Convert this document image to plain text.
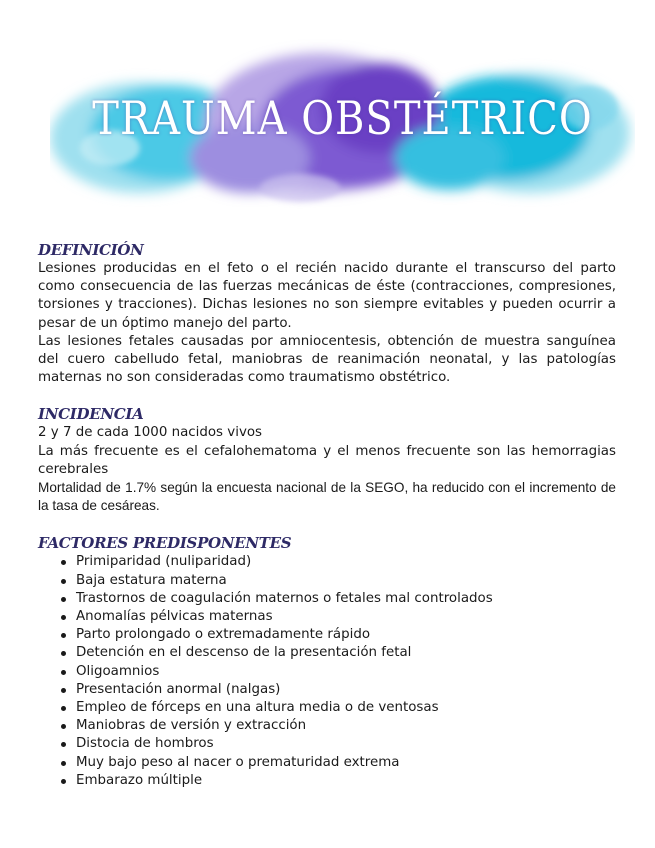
TRAUMA OBSTÉTRICO
DEFINICIÓN

Lesiones producidas en el feto o el recién nacido durante el transcurso del parto como consecuencia de las fuerzas mecánicas de éste (contracciones, compresiones, torsiones y tracciones). Dichas lesiones no son siempre evitables y pueden ocurrir a pesar de un óptimo manejo del parto.

Las lesiones fetales causadas por amniocentesis, obtención de muestra sanguínea del cuero cabelludo fetal, maniobras de reanimación neonatal, y las patologías maternas no son consideradas como traumatismo obstétrico.

INCIDENCIA

2 y 7 de cada 1000 nacidos vivos

La más frecuente es el cefalohematoma y el menos frecuente son las hemorragias cerebrales

Mortalidad de 1.7% según la encuesta nacional de la SEGO, ha reducido con el incremento de la tasa de cesáreas.

FACTORES PREDISPONENTES
Primiparidad (nuliparidad)
Baja estatura materna
Trastornos de coagulación maternos o fetales mal controlados
Anomalías pélvicas maternas
Parto prolongado o extremadamente rápido
Detención en el descenso de la presentación fetal
Oligoamnios
Presentación anormal (nalgas)
Empleo de fórceps en una altura media o de ventosas
Maniobras de versión y extracción
Distocia de hombros
Muy bajo peso al nacer o prematuridad extrema
Embarazo múltiple
